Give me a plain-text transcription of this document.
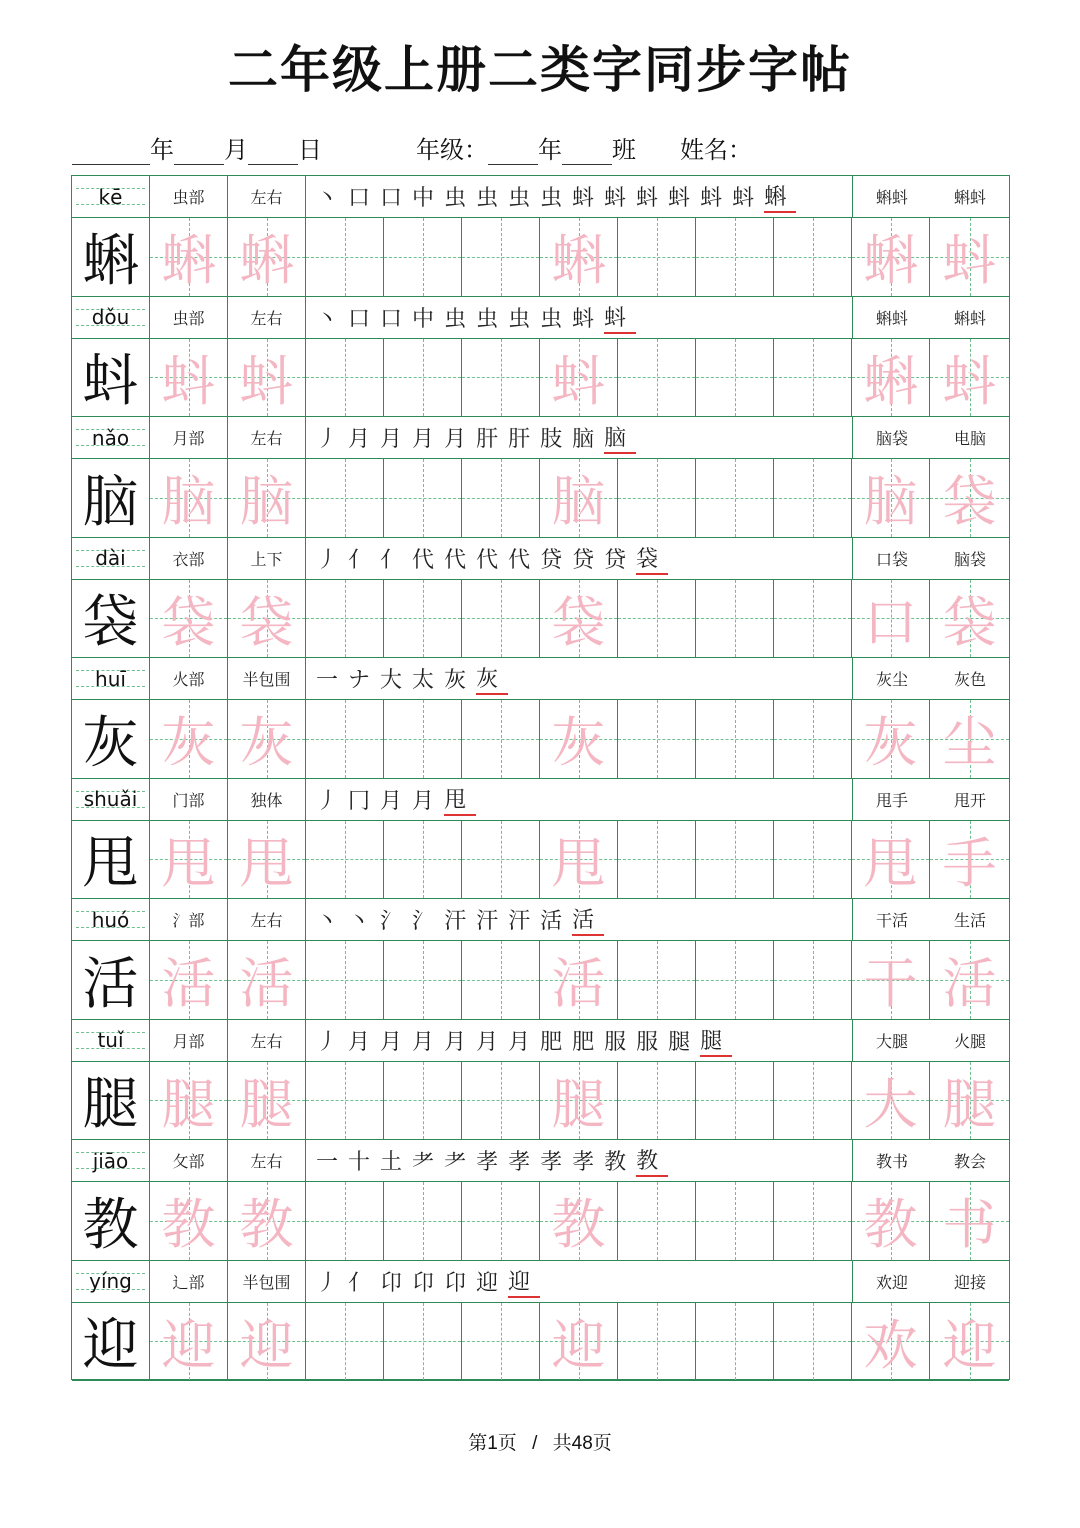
二年级上册二类字同步字帖
年 月 日	年级： 年 班 姓名：
kē	虫部	左右	丶 口 口 中 虫 虫 虫 虫 蚪 蚪 蚪 蚪 蚪 蚪 蝌	蝌蚪	蝌蚪
蝌 蝌 蝌	蝌	蝌 蚪
dǒu	虫部	左右	丶 口 口 中 虫 虫 虫 虫 蚪 蚪	蝌蚪	蝌蚪
蚪 蚪 蚪	蚪	蝌 蚪
nǎo	月部	左右	丿 月 月 月 月 肝 肝 肢 脑 脑	脑袋	电脑
脑 脑 脑	脑	脑 袋
dài	衣部	上下	丿 亻 亻 代 代 代 代 贷 贷 贷 袋	口袋	脑袋
袋 袋 袋	袋	口 袋
huī	火部	半包围	一 ナ 大 太 灰 灰	灰尘	灰色
灰 灰 灰	灰	灰 尘
shuǎi	门部	独体	丿 冂 月 月 甩	甩手	甩开
甩 甩 甩	甩	甩 手
huó	氵部	左右	丶 丶 氵 氵 汗 汗 汗 活 活	干活	生活
活 活 活	活	干 活
tuǐ	月部	左右	丿 月 月 月 月 月 月 肥 肥 服 服 腿 腿	大腿	火腿
腿 腿 腿	腿	大 腿
jiāo	攵部	左右	一 十 土 耂 耂 孝 孝 孝 孝 教 教	教书	教会
教 教 教	教	教 书
yíng	辶部	半包围	丿 亻 卬 卬 卬 迎 迎	欢迎	迎接
迎 迎 迎	迎	欢 迎
第1页 / 共48页
